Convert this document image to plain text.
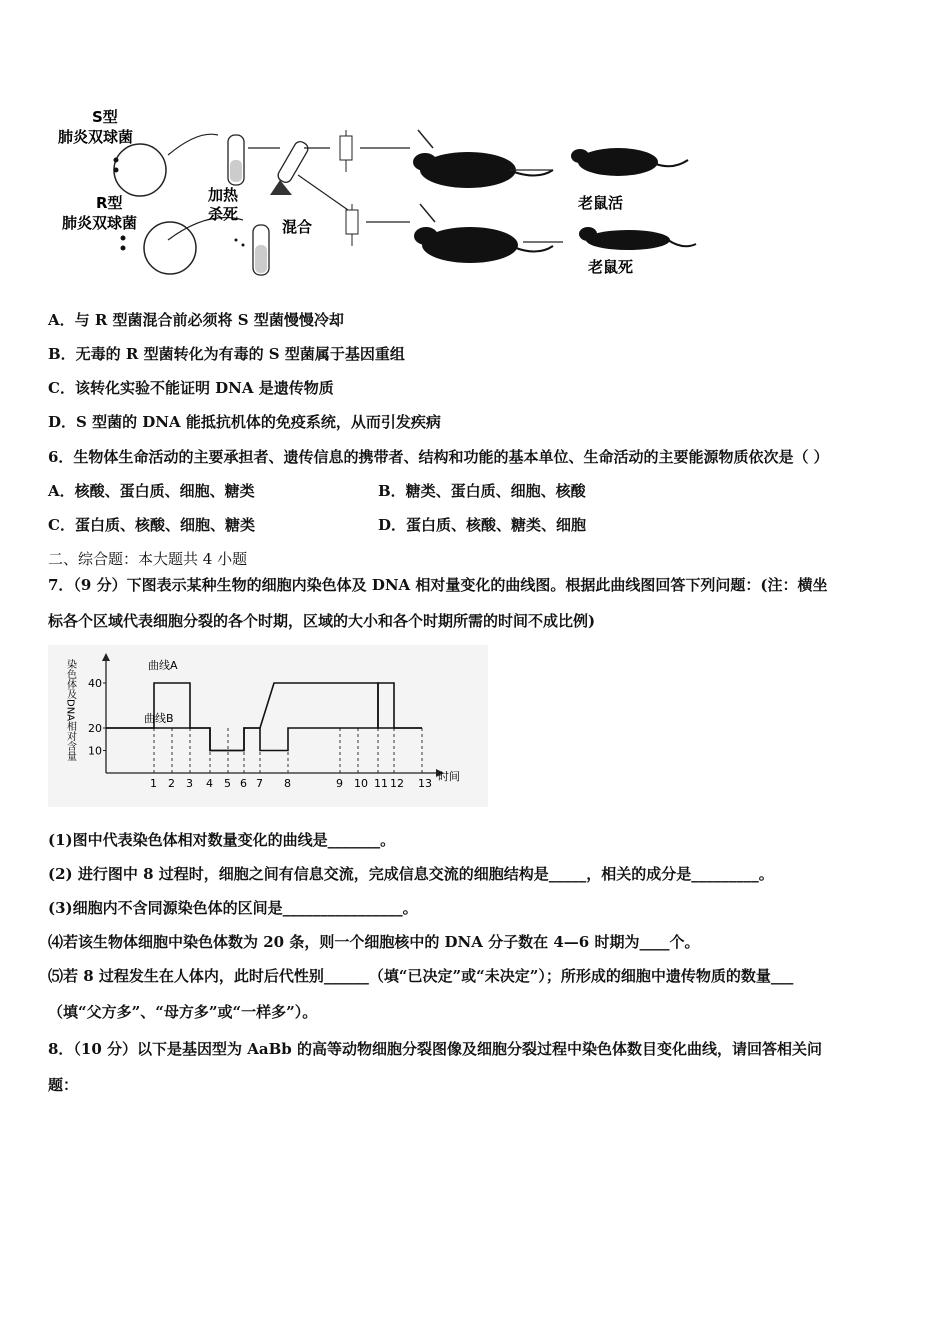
S型
肺炎双球菌
R型
肺炎双球菌
加热
杀死
混合
老鼠活
老鼠死
A．与 R 型菌混合前必须将 S 型菌慢慢冷却
B．无毒的 R 型菌转化为有毒的 S 型菌属于基因重组
C．该转化实验不能证明 DNA 是遗传物质
D．S 型菌的 DNA 能抵抗机体的免疫系统，从而引发疾病
6．生物体生命活动的主要承担者、遗传信息的携带者、结构和功能的基本单位、生命活动的主要能源物质依次是（ ）
A．核酸、蛋白质、细胞、糖类	B．糖类、蛋白质、细胞、核酸
C．蛋白质、核酸、细胞、糖类	D．蛋白质、核酸、糖类、细胞
二、综合题：本大题共 4 小题
7．（9 分）下图表示某种生物的细胞内染色体及 DNA 相对量变化的曲线图。根据此曲线图回答下列问题：(注：横坐
标各个区域代表细胞分裂的各个时期，区域的大小和各个时期所需的时间不成比例)
染色体及DNA相对含量 10
20
40
1 2 3 4 5 6 7 8	9 10 11 12 13
曲线A
曲线B
时间
(1)图中代表染色体相对数量变化的曲线是_______。
(2) 进行图中 8 过程时，细胞之间有信息交流，完成信息交流的细胞结构是_____，相关的成分是_________。
(3)细胞内不含同源染色体的区间是________________。
⑷若该生物体细胞中染色体数为 20 条，则一个细胞核中的 DNA 分子数在 4—6 时期为____个。
⑸若 8 过程发生在人体内，此时后代性别______（填“已决定”或“未决定”）；所形成的细胞中遗传物质的数量___
（填“父方多”、“母方多”或“一样多”）。
8．（10 分）以下是基因型为 AaBb 的高等动物细胞分裂图像及细胞分裂过程中染色体数目变化曲线，请回答相关问
题：
